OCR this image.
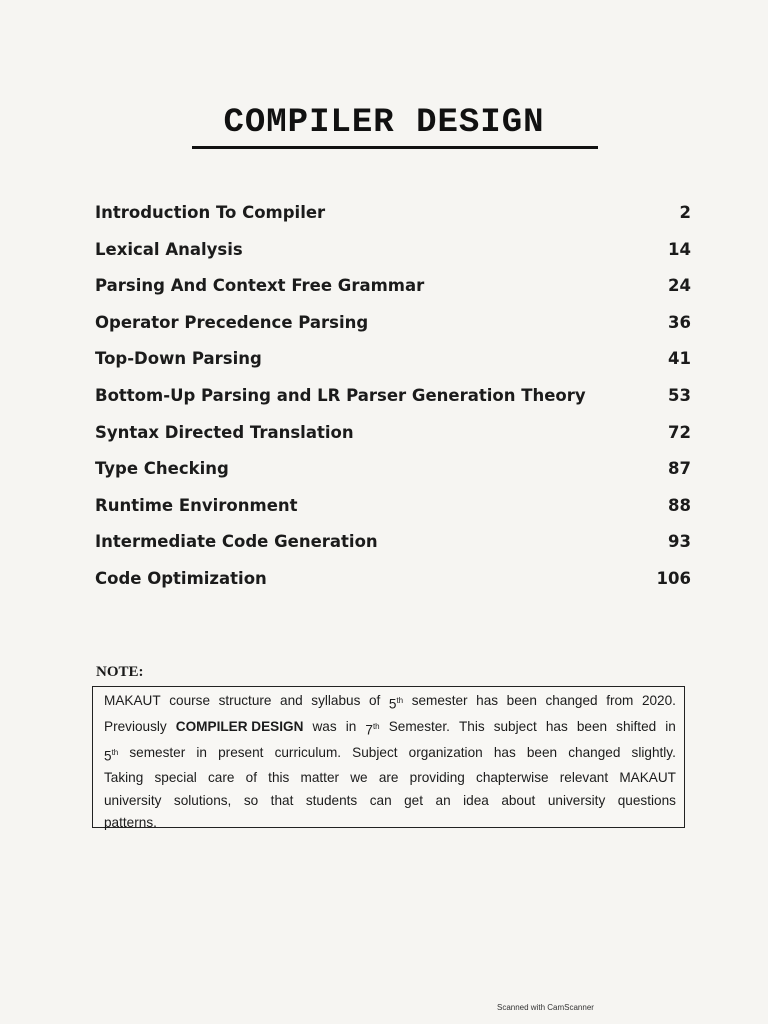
COMPILER DESIGN
Introduction To Compiler	2
Lexical Analysis	14
Parsing And Context Free Grammar	24
Operator Precedence Parsing	36
Top-Down Parsing	41
Bottom-Up Parsing and LR Parser Generation Theory	53
Syntax Directed Translation	72
Type Checking	87
Runtime Environment	88
Intermediate Code Generation	93
Code Optimization	106
NOTE:
MAKAUT course structure and syllabus of 5th semester has been changed from 2020.
Previously COMPILER DESIGN was in 7th Semester. This subject has been shifted in
5th semester in present curriculum. Subject organization has been changed slightly.
Taking special care of this matter we are providing chapterwise relevant MAKAUT
university solutions, so that students can get an idea about university questions
patterns.
Scanned with CamScanner
